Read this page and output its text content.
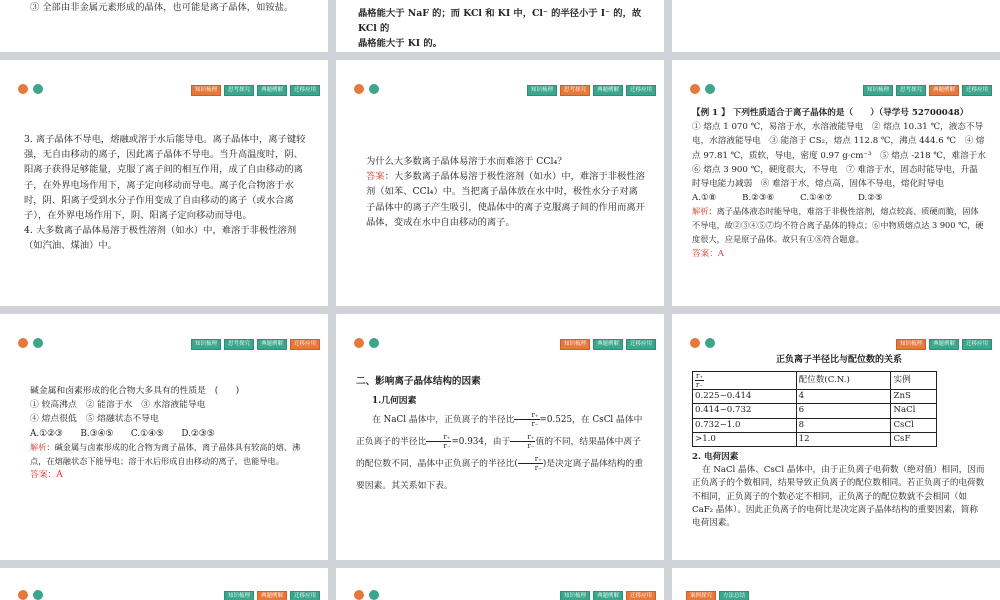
③ 全部由非金属元素形成的晶体，也可能是离子晶体，如铵盐。
晶格能大于 NaF 的；而 KCl 和 KI 中，Cl⁻ 的半径小于 I⁻ 的，故 KCl 的
晶格能大于 KI 的。
知识梳理	思考探究	典题例解	迁移应用

3. 离子晶体不导电，熔融或溶于水后能导电。离子晶体中，离子键较强，无自由移动的离子，因此离子晶体不导电。当升高温度时，阴、阳离子获得足够能量，克服了离子间的相互作用，成了自由移动的离子，在外界电场作用下，离子定向移动而导电。离子化合物溶于水时，阴、阳离子受到水分子作用变成了自由移动的离子（或水合离子），在外界电场作用下，阴、阳离子定向移动而导电。

4. 大多数离子晶体易溶于极性溶剂（如水）中，难溶于非极性溶剂（如汽油、煤油）中。

知识梳理	思考探究	典题例解	迁移应用

为什么大多数离子晶体易溶于水而难溶于 CCl₄？

答案：大多数离子晶体易溶于极性溶剂（如水）中，难溶于非极性溶剂（如苯、CCl₄）中。当把离子晶体放在水中时，极性水分子对离子晶体中的离子产生吸引，使晶体中的离子克服离子间的作用而离开晶体，变成在水中自由移动的离子。

知识梳理	思考探究	典题例解	迁移应用

【例 1 】 下列性质适合于离子晶体的是（　　）（导学号 52700048）

① 熔点 1 070 ℃，易溶于水，水溶液能导电　② 熔点 10.31 ℃，液态不导电，水溶液能导电　③ 能溶于 CS₂，熔点 112.8 ℃，沸点 444.6 ℃　④ 熔点 97.81 ℃，质软，导电，密度 0.97 g·cm⁻³　⑤ 熔点 -218 ℃，难溶于水　⑥ 熔点 3 900 ℃，硬度很大，不导电　⑦ 难溶于水，固态时能导电，升温时导电能力减弱　⑧ 难溶于水，熔点高，固体不导电，熔化时导电

A.①⑧　　　B.②③⑥　　　C.①④⑦　　　D.②⑤

解析：离子晶体液态时能导电，难溶于非极性溶剂，熔点较高、质硬而脆，固体不导电，故②③④⑤⑦均不符合离子晶体的特点；⑥中物质熔点达 3 900 ℃，硬度很大，应是原子晶体。故只有①⑧符合题意。

答案：A

知识梳理	思考探究	典题例解	迁移应用

碱金属和卤素形成的化合物大多具有的性质是　(　　)

① 较高沸点　② 能溶于水　③ 水溶液能导电

④ 熔点很低　⑤ 熔融状态不导电

A.①②③　　B.③④⑤　　C.①④⑤　　D.②③⑤

解析：碱金属与卤素形成的化合物为离子晶体，离子晶体具有较高的熔、沸点，在熔融状态下能导电；溶于水后形成自由移动的离子，也能导电。

答案：A

知识梳理	典题例解	迁移应用

二、影响离子晶体结构的因素

1.几何因素

在 NaCl 晶体中，正负离子的半径比 $\frac{r_+}{r_-} =0.525$，在 CsCl 晶体中正负离子的半径比 $\frac{r_+}{r_-} =0.934$，由于 $\frac{r_+}{r_-}$ 值的不同，结果晶体中离子的配位数不同，晶体中正负离子的半径比( $\frac{r_+}{r_-}$ )是决定离子晶体结构的重要因素。其关系如下表。

知识梳理	典题例解	迁移应用

正负离子半径比与配位数的关系

$\frac{r_+}{r_-}$	配位数(C.N.)	实例
0.225~0.414	4	ZnS
0.414~0.732	6	NaCl
0.732~1.0	8	CsCl
>1.0	12	CsF

2. 电荷因素

在 NaCl 晶体、CsCl 晶体中，由于正负离子电荷数（绝对值）相同，因而正负离子的个数相同，结果导致正负离子的配位数相同。若正负离子的电荷数不相同，正负离子的个数必定不相同，正负离子的配位数就不会相同（如 CaF₂ 晶体）。因此正负离子的电荷比是决定离子晶体结构的重要因素，简称电荷因素。

知识梳理	典题例解	迁移应用	知识梳理	典题例解	迁移应用	案例探究	方法总结
